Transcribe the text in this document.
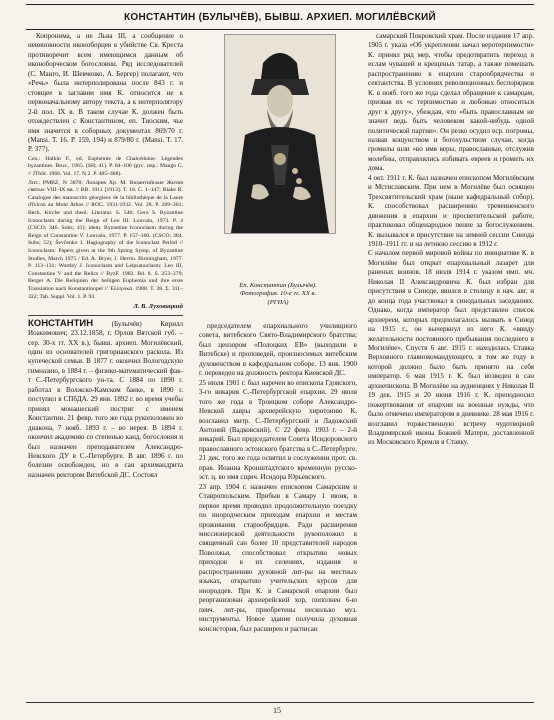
КОНСТАНТИН (БУЛЫЧЁВ), БЫВШ. АРХИЕП. МОГИЛЁВСКИЙ

Копронима, а не Льва III, а сообщение о невиновности иконоборцев в убийстве Св. Креста противоречит всем имеющимся данным об иконоборческом богословии. Ряд исследователей (С. Манго, И. Шевченко, А. Бергер) полагают, что «Речь» была интерполирована после 843 г. и стоящее в заглавии имя К. относится не к первоначальному автору текста, а к интерполятору 2-й пол. IX в. В таком случае К. должен быть отождествлен с Константином, еп. Тиоским, чье имя значится в соборных документах 869/70 г. (Mansi. T. 16. P. 159, 194) и 879/80 г. (Mansi. T. 17. P. 377).

Соч.: Halkin F., ed. Euphémie de Chalcédoine: Légendes byzantines. Brux., 1965. (SH; 41). P. 84–106 (рус. пер.: Mango C. // JThSt. 1966. Vol. 17. N 2. P. 485–488).
Лит.: PMBZ, N 3878; Лопарев Хр. М. Византийские Жития святых VIII–IX вв. // ВВ. 1911 [1913]. Т. 18. С. 1–147; Blake R. Catalogue des manuscrits géorgiens de la bibliothèque de la Laure d'Iviron au Mont Athos // ROC. 1931/1932. Vol. 28. P. 289–361; Beck. Kirche und theol. Literatur. S. 546; Gero S. Byzantine Iconoclasm during the Reign of Leo III. Louvain, 1973. P. 4 (CSCO; 346. Subs; 41); idem. Byzantine Iconoclasm during the Reign of Constantine V. Louvain, 1977. P. 157–160. (CSCO; 384. Subs; 52); Ševčenko I. Hagiography of the Iconoclast Period // Iconoclasm: Papers given at the 9th Spring Symp. of Byzantine Studies, March 1975 / Ed. A. Bryer, J. Herrin. Birmingham, 1977. P. 113–131; Wortley J. Iconoclasm and Leipsanoclasm: Leo III, Constantine V and the Relics // ByzF. 1982. Bd. 8. S. 253–279; Berger A. Die Reliquien der heiligen Euphemia und ihre erste Translation nach Konstantinopel // Ἑλληνικά. 1988. T. 38. Σ. 311–322; Tab. Suppl. Vol. 1. P. 93.
Л. В. Луховицкий

КОНСТАНТИН	(Булычёв) Кирилл Иоакимович; 23.12.1858, г. Орлов Вятской губ. – сер. 30-х гг. XX в.), бывш. архиеп. Могилёвский, один из основателей григорианского раскола. Из купеческой семьи. В 1877 г. окончил Вологодскую гимназию, в 1884 г. – физико-математический фак-т С.-Петербургского ун-та. С 1884 по 1890 г. работал в Волжско-Камском банке, в 1890 г. поступил в СПбДА. 29 янв. 1892 г. во время учебы принял монашеский постриг с именем Константин. 21 февр. того же года рукоположен во диакона, 7 нояб. 1893 г. – во иерея. В 1894 г. окончил академию со степенью канд. богословия и был назначен преподавателем Александро-Невского ДУ в С.-Петербурге. В авг. 1896 г. по болезни освобожден, но в сан архимандрита назначен ректором Витебской ДС. Состоял

Еп. Константин (Булычёв).
Фотография. 10-е гг. XX в.
(РГИА)

председателем епархиального училищного совета, витебского Свято-Владимирского братства; был цензором «Полоцких ЕВ» (выходили в Витебске) и проповедей, произносимых витебским духовенством в кафедральном соборе. 13 янв. 1900 г. переведен на должность ректора Киевской ДС.
25 июля 1901 г. был наречен во епископа Гдовского, 3-го викария С.-Петербургской епархии. 29 июля того же года в Троицком соборе Александро-Невской лавры архиерейскую хиротонию К. возглавил митр. С.-Петербургский и Ладожский Антоний (Вадковский). С 22 февр. 1903 г. – 2-й викарий. Был председателем Совета Исидоровского православного эстонского братства в С.-Петербурге. 21 дек. того же года освятил в сослужении прот. св. прав. Иоанна Кронштадтского временную русско-эст. ц. во имя сщмч. Исидора Юрьевского.
23 апр. 1904 г. назначен епископом Самарским и Ставропольским. Прибыв в Самару 1 июня, в первое время проводил продолжительную поездку по инородческим приходам епархии и местам проживания старообрядцев. Ради расширения миссионерской деятельности рукоположил в священный сан более 10 представителей народов Поволжья, способствовал открытию новых приходов в их селениях, издания и распространению духовной лит-ры на местных языках, открытию учительских курсов для инородцев. При К. в Самарской епархии был реорганизован архиерейский хор, пополнен 6-ю певч. лит-ры, приобретены несколько муз. инструменты. Новое здание получила духовная консистория, был расширен и расписан

самарский Покровский храм. После издания 17 апр. 1905 г. указа «Об укреплении начал веротерпимости» К. принял ряд мер, чтобы предотвратить переход в ислам чувашей и крещеных татар, а также помешать распространению в епархии старообрядчества и сектантства. В условиях революционных беспорядков К. в нояб. того же года сделал обращение к самарцам, призвав их «с терпимостью и любовью относиться друг к другу», убеждая, что «быть православным не значит ведь быть человеком какой-нибудь одной политической партии». Он резко осудил еср. погромы, назвав кощунством и богохульством случаи, когда громилы шли «во имя веры, православные, отслужив молебны, отправлялись избивать евреев и громить их дома.
4 окт. 1911 г. К. был назначен епископом Могилёвским и Мстиславским. При нем в Могилёве был освящен Трехсвятительский храм (ныне кафедральный собор). К. способствовал расширению тревеиненского движения в епархии и просветительской работе, практиковал общенародное пение за богослужением. К. вызывался в присутствие на зимней сессии Синода 1910–1911 гг. и на летнюю сессию в 1912 г.
С началом первой мировой войны по инициативе К. в Могилёве был открыт епархиальный лазарет для раненых воинов. 18 июля 1914 г. указом имп. мч. Николая II Александровича К. был избран для присутствия в Синоде, явился в столицу в нач. авг. и до конца года участвовал в синодальных заседаниях. Однако, когда император был представлен список архиереев, которых предполагалось вызвать в Синод на 1915 г., он вычеркнул из него К. «ввиду желательности постоянного пребывания последнего в Могилёве». Спустя 6 авг. 1915 г. находилась Ставка Верховного главнокомандующего, в том же году в которой должно было быть принято на себя император. 6 мая 1915 г. К. был возведен в сан архиепископа. В Могилёве на аудиенциях у Николая II 19 дек. 1915 и 20 июня 1916 г. К. преподносил пожертвования от епархии на военные нужды, что было отмечено императором в дневнике. 28 мая 1916 г. возглавил торжественную встречу чудотворной Владимирской иконы Божией Матери, доставленной из Московского Кремля в Ставку.

15
